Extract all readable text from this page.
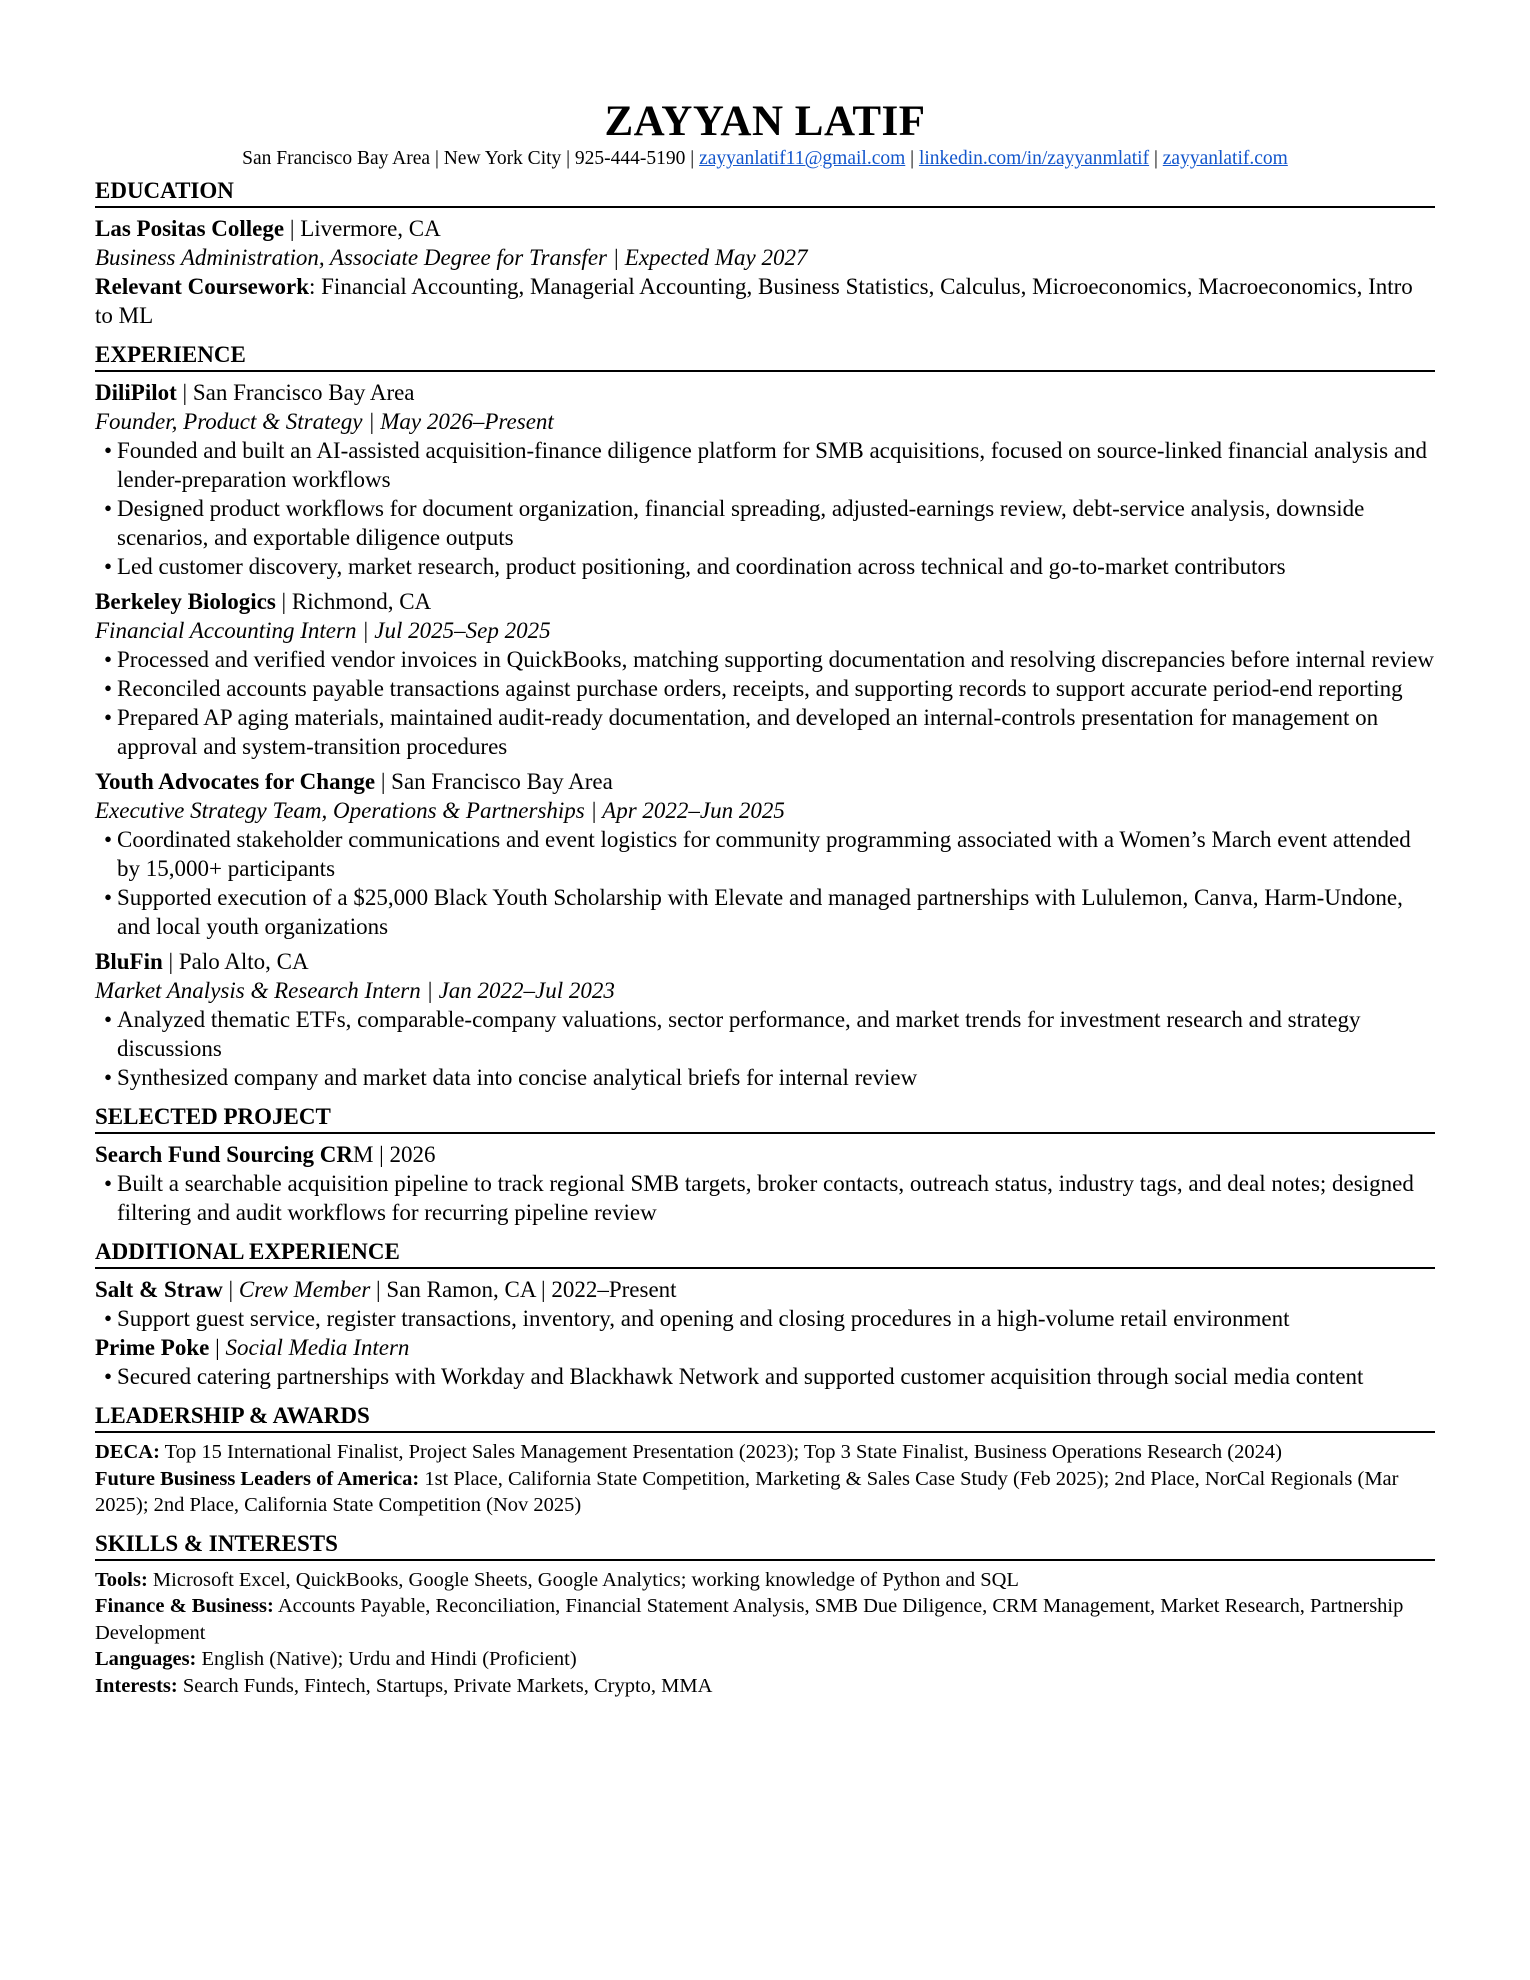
ZAYYAN LATIF
San Francisco Bay Area | New York City | 925-444-5190 | zayyanlatif11@gmail.com | linkedin.com/in/zayyanmlatif | zayyanlatif.com
EDUCATION
Las Positas College | Livermore, CA
Business Administration, Associate Degree for Transfer | Expected May 2027
Relevant Coursework: Financial Accounting, Managerial Accounting, Business Statistics, Calculus, Microeconomics, Macroeconomics, Intro to ML
EXPERIENCE
DiliPilot | San Francisco Bay Area
Founder, Product & Strategy | May 2026–Present
• Founded and built an AI-assisted acquisition-finance diligence platform for SMB acquisitions, focused on source-linked financial analysis and lender-preparation workflows
• Designed product workflows for document organization, financial spreading, adjusted-earnings review, debt-service analysis, downside scenarios, and exportable diligence outputs
• Led customer discovery, market research, product positioning, and coordination across technical and go-to-market contributors
Berkeley Biologics | Richmond, CA
Financial Accounting Intern | Jul 2025–Sep 2025
• Processed and verified vendor invoices in QuickBooks, matching supporting documentation and resolving discrepancies before internal review
• Reconciled accounts payable transactions against purchase orders, receipts, and supporting records to support accurate period-end reporting
• Prepared AP aging materials, maintained audit-ready documentation, and developed an internal-controls presentation for management on approval and system-transition procedures
Youth Advocates for Change | San Francisco Bay Area
Executive Strategy Team, Operations & Partnerships | Apr 2022–Jun 2025
• Coordinated stakeholder communications and event logistics for community programming associated with a Women’s March event attended by 15,000+ participants
• Supported execution of a $25,000 Black Youth Scholarship with Elevate and managed partnerships with Lululemon, Canva, Harm-Undone, and local youth organizations
BluFin | Palo Alto, CA
Market Analysis & Research Intern | Jan 2022–Jul 2023
• Analyzed thematic ETFs, comparable-company valuations, sector performance, and market trends for investment research and strategy discussions
• Synthesized company and market data into concise analytical briefs for internal review
SELECTED PROJECT
Search Fund Sourcing CRM | 2026
• Built a searchable acquisition pipeline to track regional SMB targets, broker contacts, outreach status, industry tags, and deal notes; designed filtering and audit workflows for recurring pipeline review
ADDITIONAL EXPERIENCE
Salt & Straw | Crew Member | San Ramon, CA | 2022–Present
• Support guest service, register transactions, inventory, and opening and closing procedures in a high-volume retail environment
Prime Poke | Social Media Intern
• Secured catering partnerships with Workday and Blackhawk Network and supported customer acquisition through social media content
LEADERSHIP & AWARDS
DECA: Top 15 International Finalist, Project Sales Management Presentation (2023); Top 3 State Finalist, Business Operations Research (2024)
Future Business Leaders of America: 1st Place, California State Competition, Marketing & Sales Case Study (Feb 2025); 2nd Place, NorCal Regionals (Mar 2025); 2nd Place, California State Competition (Nov 2025)
SKILLS & INTERESTS
Tools: Microsoft Excel, QuickBooks, Google Sheets, Google Analytics; working knowledge of Python and SQL
Finance & Business: Accounts Payable, Reconciliation, Financial Statement Analysis, SMB Due Diligence, CRM Management, Market Research, Partnership Development
Languages: English (Native); Urdu and Hindi (Proficient)
Interests: Search Funds, Fintech, Startups, Private Markets, Crypto, MMA
